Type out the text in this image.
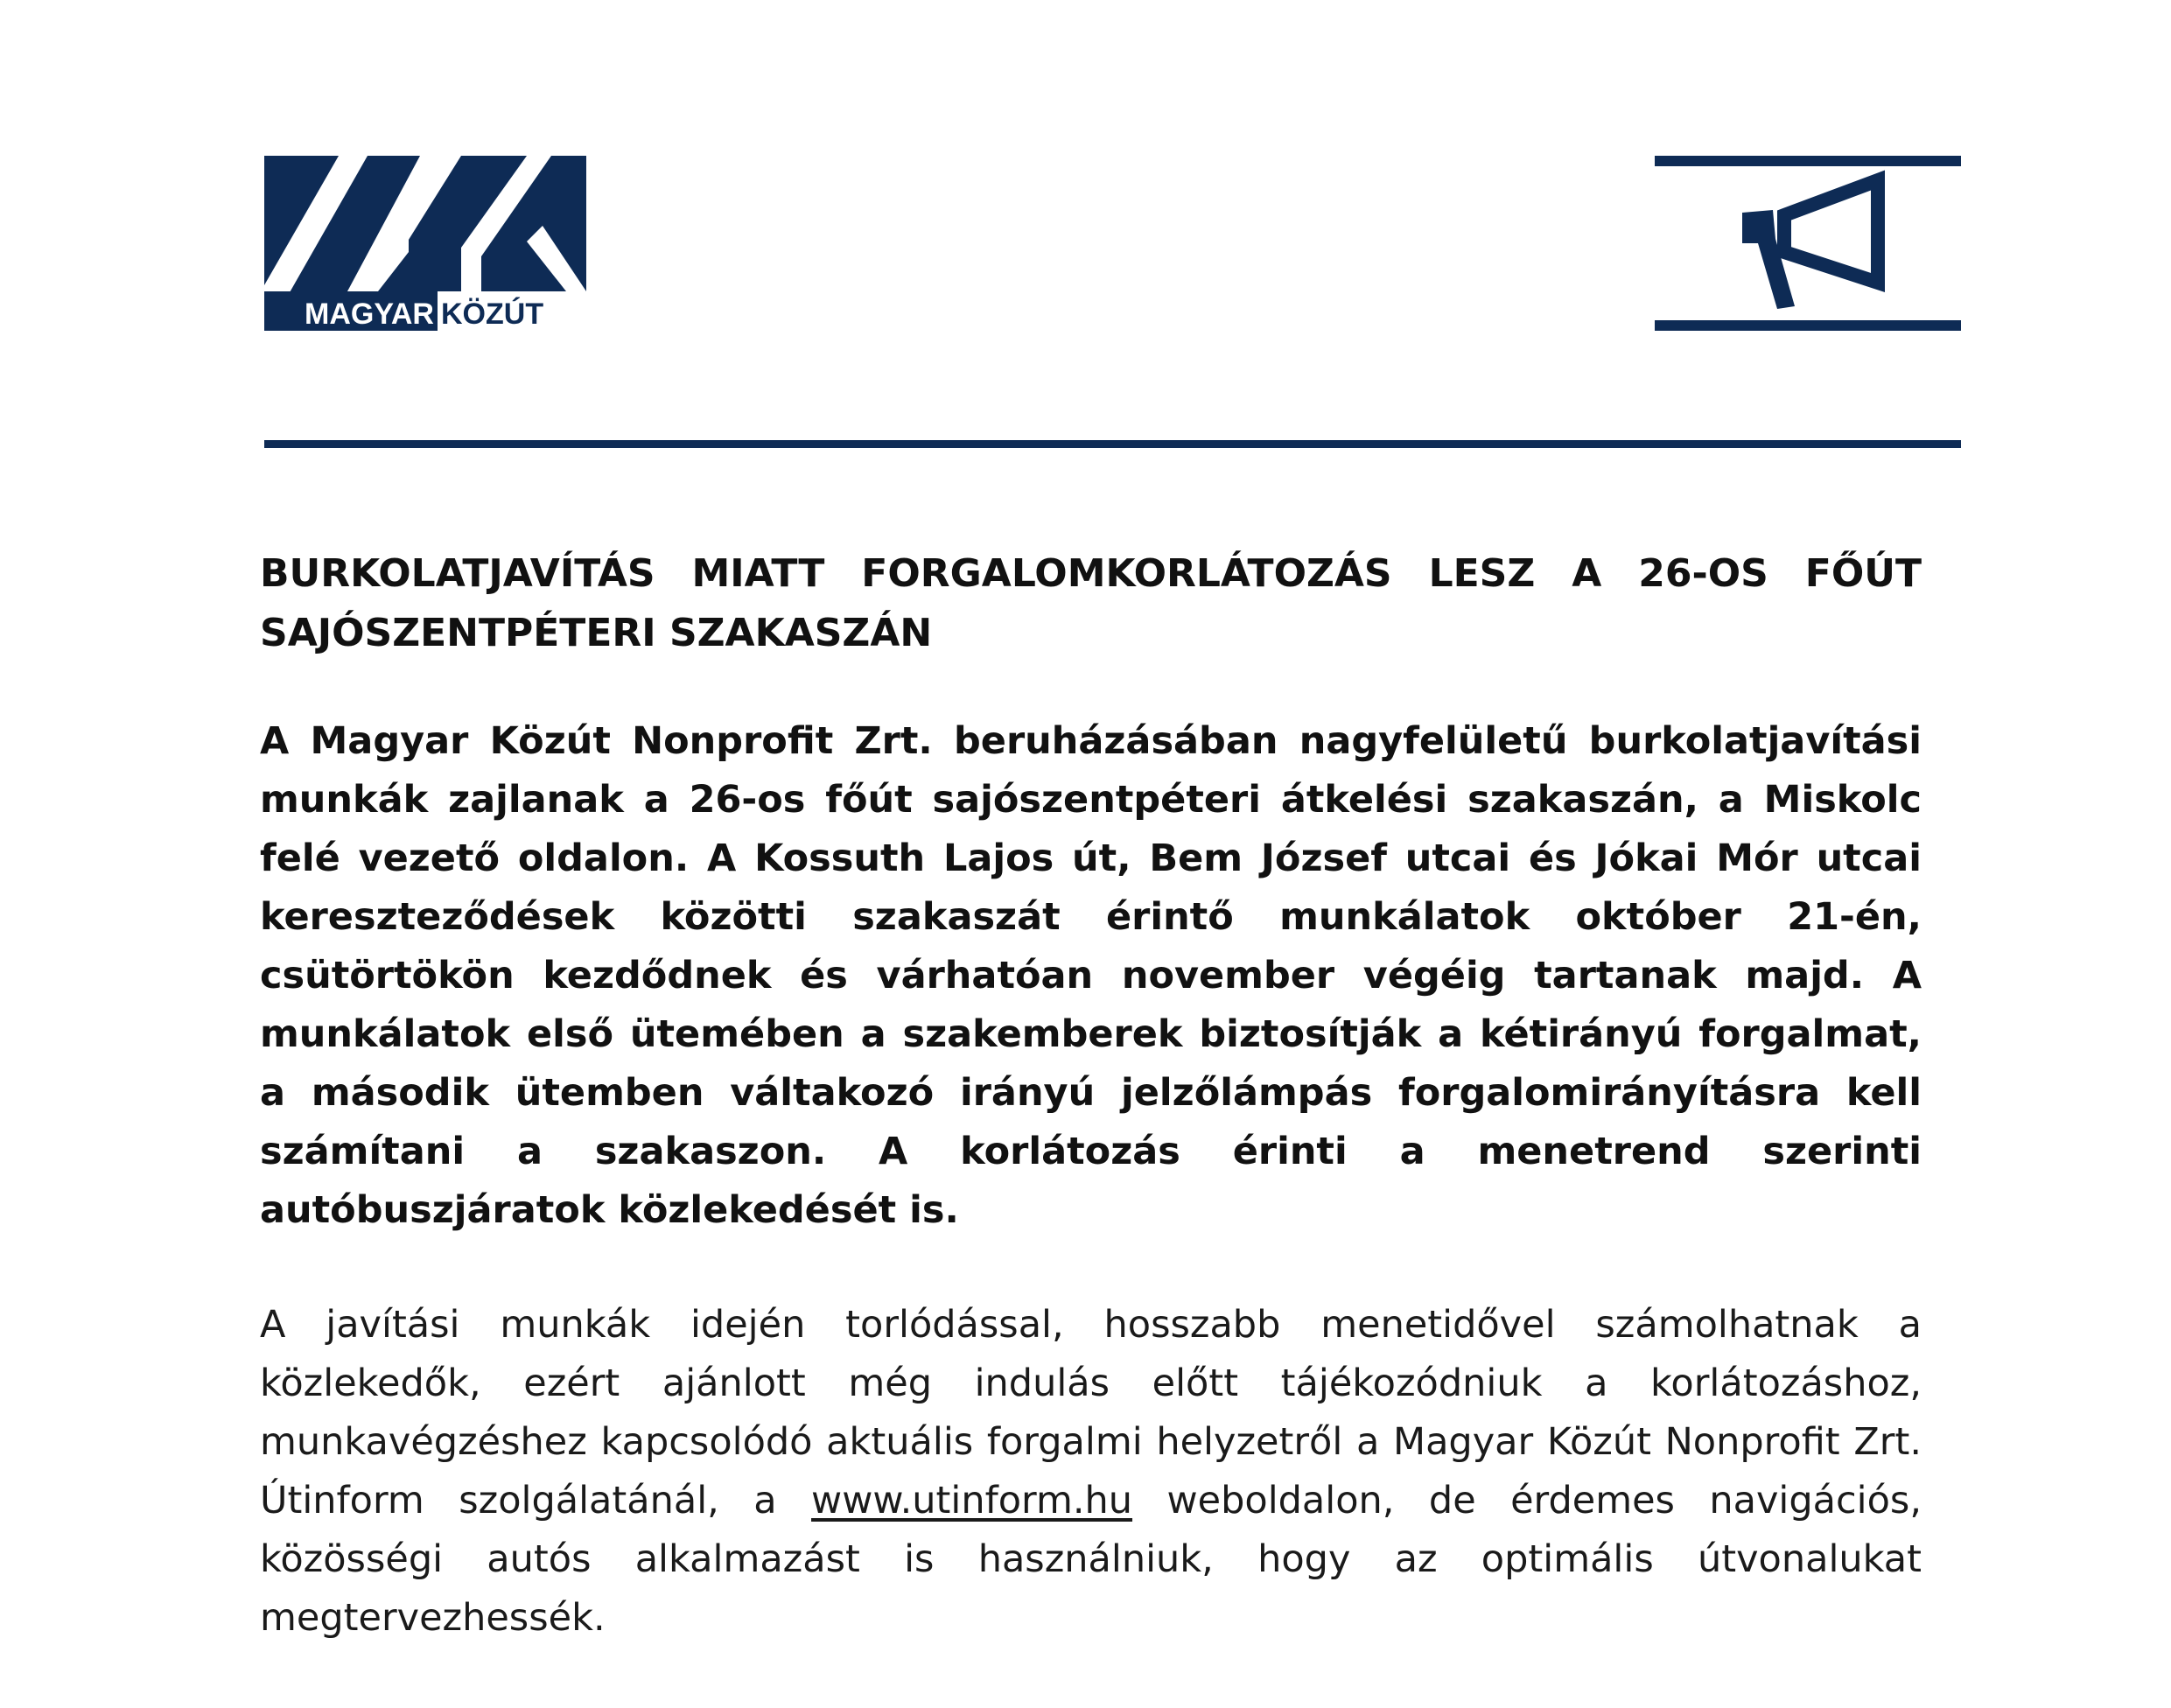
MAGYAR KÖZÚT
BURKOLATJAVÍTÁS MIATT FORGALOMKORLÁTOZÁS LESZ A 26-OS FŐÚT SAJÓSZENTPÉTERI SZAKASZÁN

A Magyar Közút Nonprofit Zrt. beruházásában nagyfelületű burkolatjavítási munkák zajlanak a 26-os főút sajószentpéteri átkelési szakaszán, a Miskolc felé vezető oldalon. A Kossuth Lajos út, Bem József utcai és Jókai Mór utcai kereszteződések közötti szakaszát érintő munkálatok október 21-én, csütörtökön kezdődnek és várhatóan november végéig tartanak majd. A munkálatok első ütemében a szakemberek biztosítják a kétirányú forgalmat, a második ütemben váltakozó irányú jelzőlámpás forgalomirányításra kell számítani a szakaszon. A korlátozás érinti a menetrend szerinti autóbuszjáratok közlekedését is.

A javítási munkák idején torlódással, hosszabb menetidővel számolhatnak a közlekedők, ezért ajánlott még indulás előtt tájékozódniuk a korlátozáshoz, munkavégzéshez kapcsolódó aktuális forgalmi helyzetről a Magyar Közút Nonprofit Zrt. Útinform szolgálatánál, a www.utinform.hu weboldalon, de érdemes navigációs, közösségi autós alkalmazást is használniuk, hogy az optimális útvonalukat megtervezhessék.
